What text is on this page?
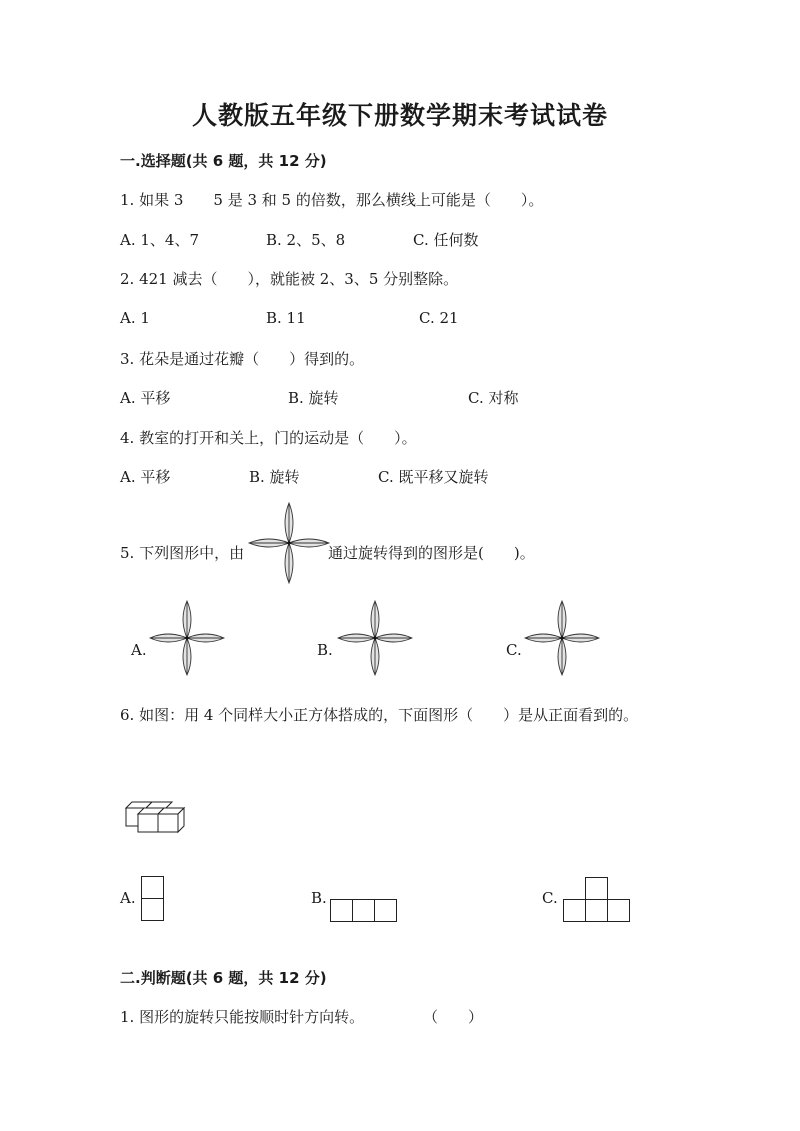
人教版五年级下册数学期末考试试卷
一.选择题(共 6 题，共 12 分)
1. 如果 3　　5 是 3 和 5 的倍数，那么横线上可能是（　　）。
A. 1、4、7	B. 2、5、8	C. 任何数
2. 421 减去（　　），就能被 2、3、5 分别整除。
A. 1	B. 11	C. 21
3. 花朵是通过花瓣（　　）得到的。
A. 平移	B. 旋转	C. 对称
4. 教室的打开和关上，门的运动是（　　）。
A. 平移	B. 旋转	C. 既平移又旋转
5. 下列图形中，由	通过旋转得到的图形是(　　)。
A.	B.	C.
6. 如图：用 4 个同样大小正方体搭成的，下面图形（　　）是从正面看到的。
A.	B.	C.
二.判断题(共 6 题，共 12 分)
1. 图形的旋转只能按顺时针方向转。	（　　）
